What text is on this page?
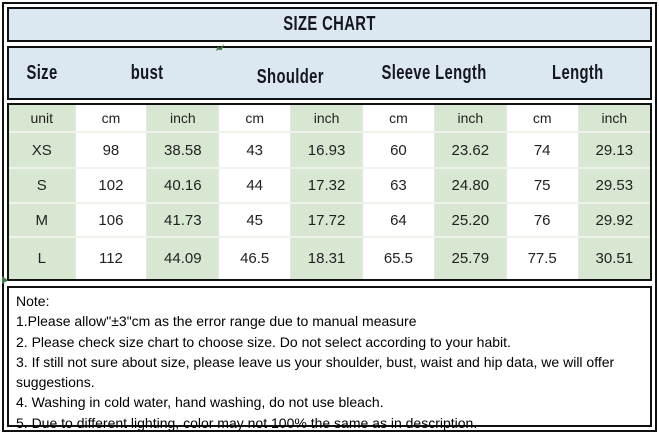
SIZE CHART
Size	bust	Shoulder	Sleeve Length	Length
unit	cm	inch	cm	inch	cm	inch	cm	inch
XS	98	38.58	43	16.93	60	23.62	74	29.13
S	102	40.16	44	17.32	63	24.80	75	29.53
M	106	41.73	45	17.72	64	25.20	76	29.92
L	112	44.09	46.5	18.31	65.5	25.79	77.5	30.51
Note:
1.Please allow"±3"cm as the error range due to manual measure
2. Please check size chart to choose size. Do not select according to your habit.
3. If still not sure about size, please leave us your shoulder, bust, waist and hip data, we will offer suggestions.
4. Washing in cold water, hand washing, do not use bleach.
5. Due to different lighting, color may not 100% the same as in description.
